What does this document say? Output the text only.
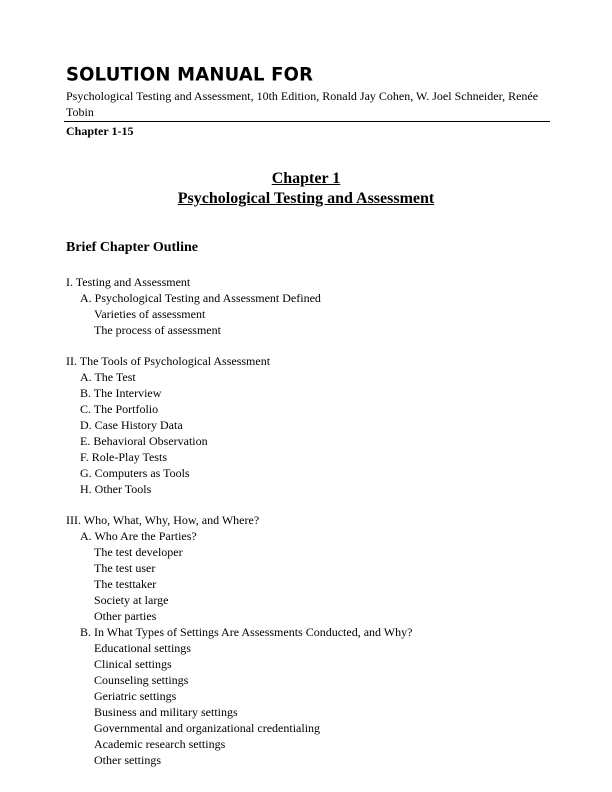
SOLUTION MANUAL FOR
Psychological Testing and Assessment, 10th Edition, Ronald Jay Cohen, W. Joel Schneider, Renée Tobin
Chapter 1-15
Chapter 1
Psychological Testing and Assessment
Brief Chapter Outline
I. Testing and Assessment
A. Psychological Testing and Assessment Defined
Varieties of assessment
The process of assessment
II. The Tools of Psychological Assessment
A. The Test
B. The Interview
C. The Portfolio
D. Case History Data
E. Behavioral Observation
F. Role-Play Tests
G. Computers as Tools
H. Other Tools
III. Who, What, Why, How, and Where?
A. Who Are the Parties?
The test developer
The test user
The testtaker
Society at large
Other parties
B. In What Types of Settings Are Assessments Conducted, and Why?
Educational settings
Clinical settings
Counseling settings
Geriatric settings
Business and military settings
Governmental and organizational credentialing
Academic research settings
Other settings
